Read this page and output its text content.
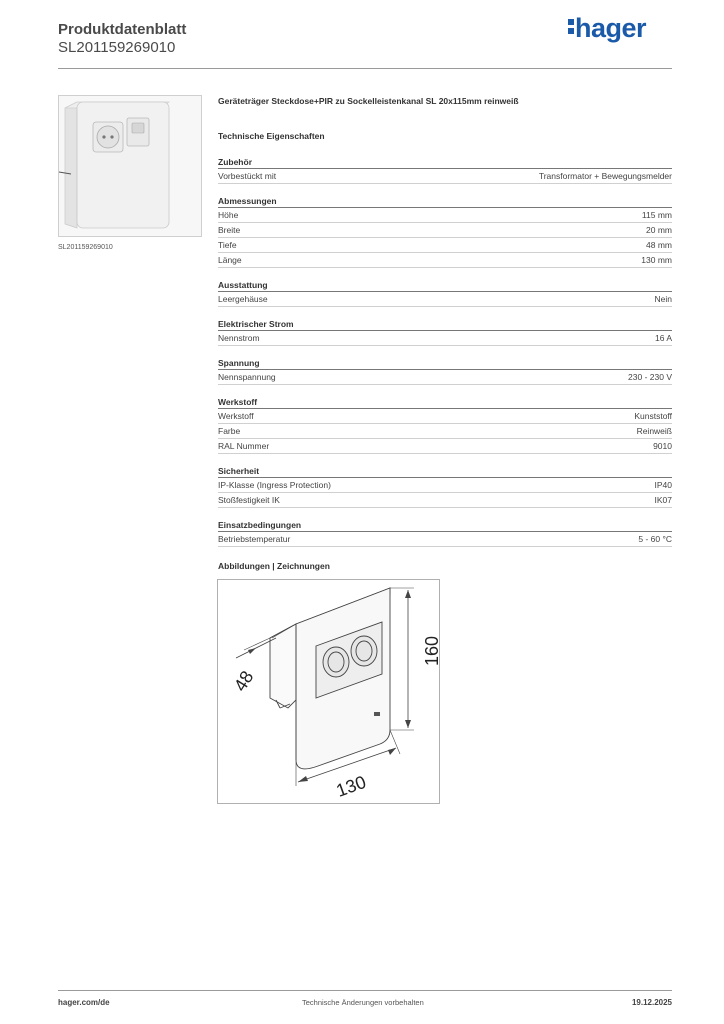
Produktdatenblatt
SL201159269010
hager
SL201159269010
Geräteträger Steckdose+PIR zu Sockelleistenkanal SL 20x115mm reinweiß
Technische Eigenschaften
Zubehör
Vorbestückt mit	Transformator + Bewegungsmelder
Abmessungen
Höhe	115 mm
Breite	20 mm
Tiefe	48 mm
Länge	130 mm
Ausstattung
Leergehäuse	Nein
Elektrischer Strom
Nennstrom	16 A
Spannung
Nennspannung	230 - 230 V
Werkstoff
Werkstoff	Kunststoff
Farbe	Reinweiß
RAL Nummer	9010
Sicherheit
IP-Klasse (Ingress Protection)	IP40
Stoßfestigkeit IK	IK07
Einsatzbedingungen
Betriebstemperatur	5 - 60 °C
Abbildungen | Zeichnungen
48
160
130
hager.com/de	Technische Änderungen vorbehalten	19.12.2025
